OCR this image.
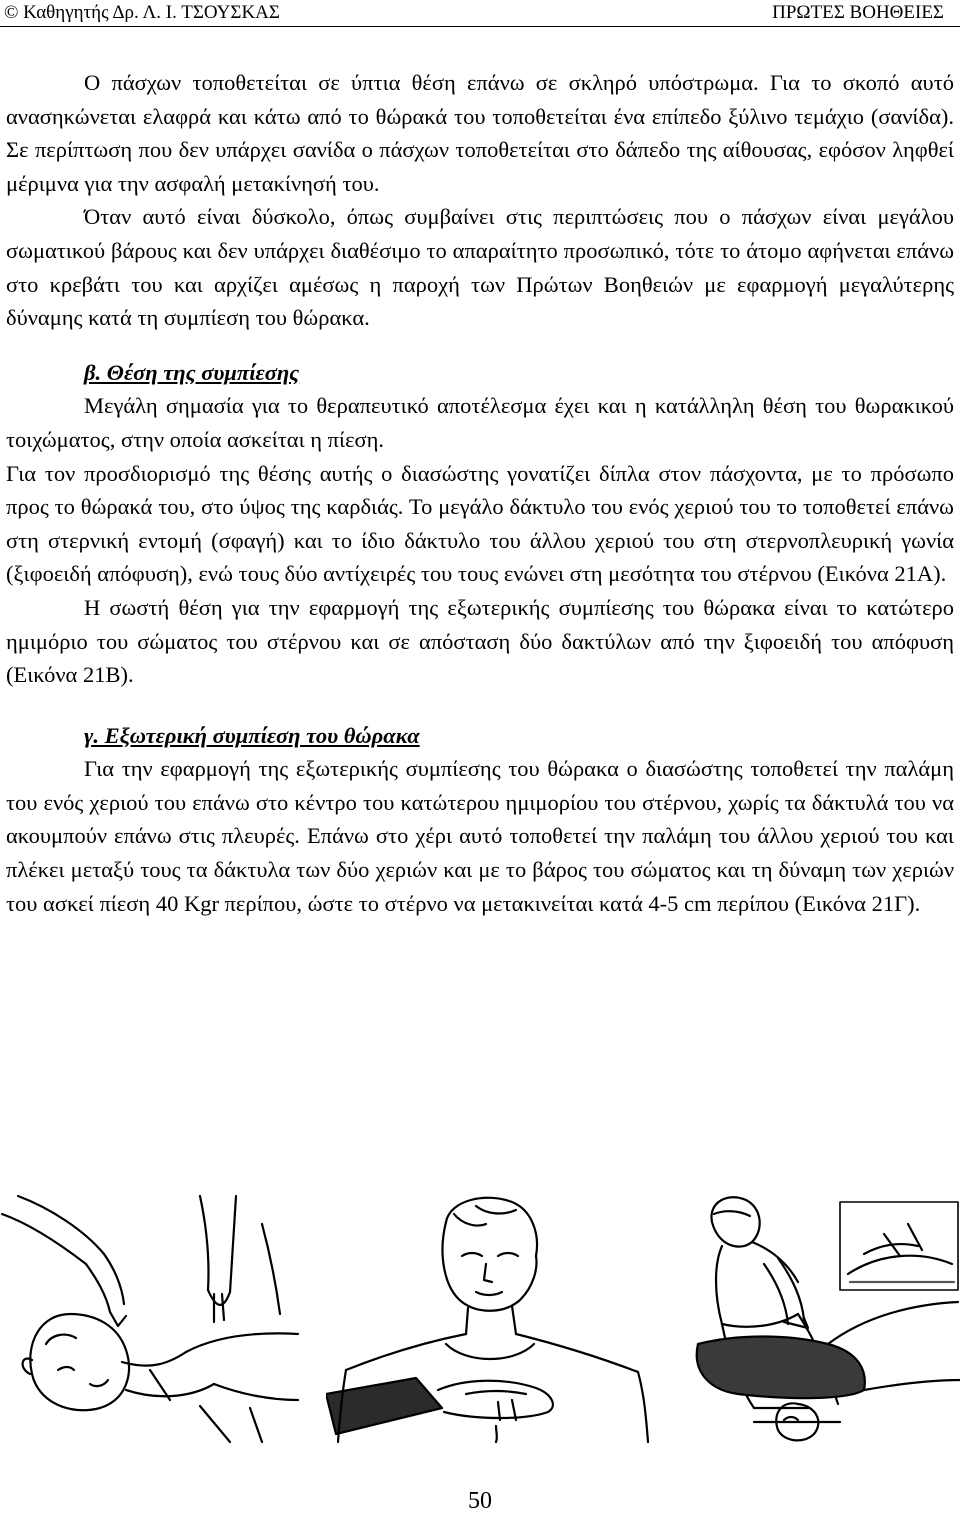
© Καθηγητής Δρ. Λ. Ι. ΤΣΟΥΣΚΑΣ	ΠΡΩΤΕΣ ΒΟΗΘΕΙΕΣ

Ο πάσχων τοποθετείται σε ύπτια θέση επάνω σε σκληρό υπόστρωμα. Για το σκοπό αυτό ανασηκώνεται ελαφρά και κάτω από το θώρακά του τοποθετείται ένα επίπεδο ξύλινο τεμάχιο (σανίδα). Σε περίπτωση που δεν υπάρχει σανίδα ο πάσχων τοποθετείται στο δάπεδο της αίθουσας, εφόσον ληφθεί μέριμνα για την ασφαλή μετακίνησή του.

Όταν αυτό είναι δύσκολο, όπως συμβαίνει στις περιπτώσεις που ο πάσχων είναι μεγάλου σωματικού βάρους και δεν υπάρχει διαθέσιμο το απαραίτητο προσωπικό, τότε το άτομο αφήνεται επάνω στο κρεβάτι του και αρχίζει αμέσως η παροχή των Πρώτων Βοηθειών με εφαρμογή μεγαλύτερης δύναμης κατά τη συμπίεση του θώρακα.

β. Θέση της συμπίεσης

Μεγάλη σημασία για το θεραπευτικό αποτέλεσμα έχει και η κατάλληλη θέση του θωρακικού τοιχώματος, στην οποία ασκείται η πίεση.

Για τον προσδιορισμό της θέσης αυτής ο διασώστης γονατίζει δίπλα στον πάσχοντα, με το πρόσωπο προς το θώρακά του, στο ύψος της καρδιάς. Το μεγάλο δάκτυλο του ενός χεριού του το τοποθετεί επάνω στη στερνική εντομή (σφαγή) και το ίδιο δάκτυλο του άλλου χεριού του στη στερνοπλευρική γωνία (ξιφοειδή απόφυση), ενώ τους δύο αντίχειρές του τους ενώνει στη μεσότητα του στέρνου (Εικόνα 21Α).

Η σωστή θέση για την εφαρμογή της εξωτερικής συμπίεσης του θώρακα είναι το κατώτερο ημιμόριο του σώματος του στέρνου και σε απόσταση δύο δακτύλων από την ξιφοειδή του απόφυση (Εικόνα 21Β).

γ. Εξωτερική συμπίεση του θώρακα

Για την εφαρμογή της εξωτερικής συμπίεσης του θώρακα ο διασώστης τοποθετεί την παλάμη του ενός χεριού του επάνω στο κέντρο του κατώτερου ημιμορίου του στέρνου, χωρίς τα δάκτυλά του να ακουμπούν επάνω στις πλευρές. Επάνω στο χέρι αυτό τοποθετεί την παλάμη του άλλου χεριού του και πλέκει μεταξύ τους τα δάκτυλα των δύο χεριών και με το βάρος του σώματος και τη δύναμη των χεριών του ασκεί πίεση 40 Kgr περίπου, ώστε το στέρνο να μετακινείται κατά 4-5 cm περίπου (Εικόνα 21Γ).

50
